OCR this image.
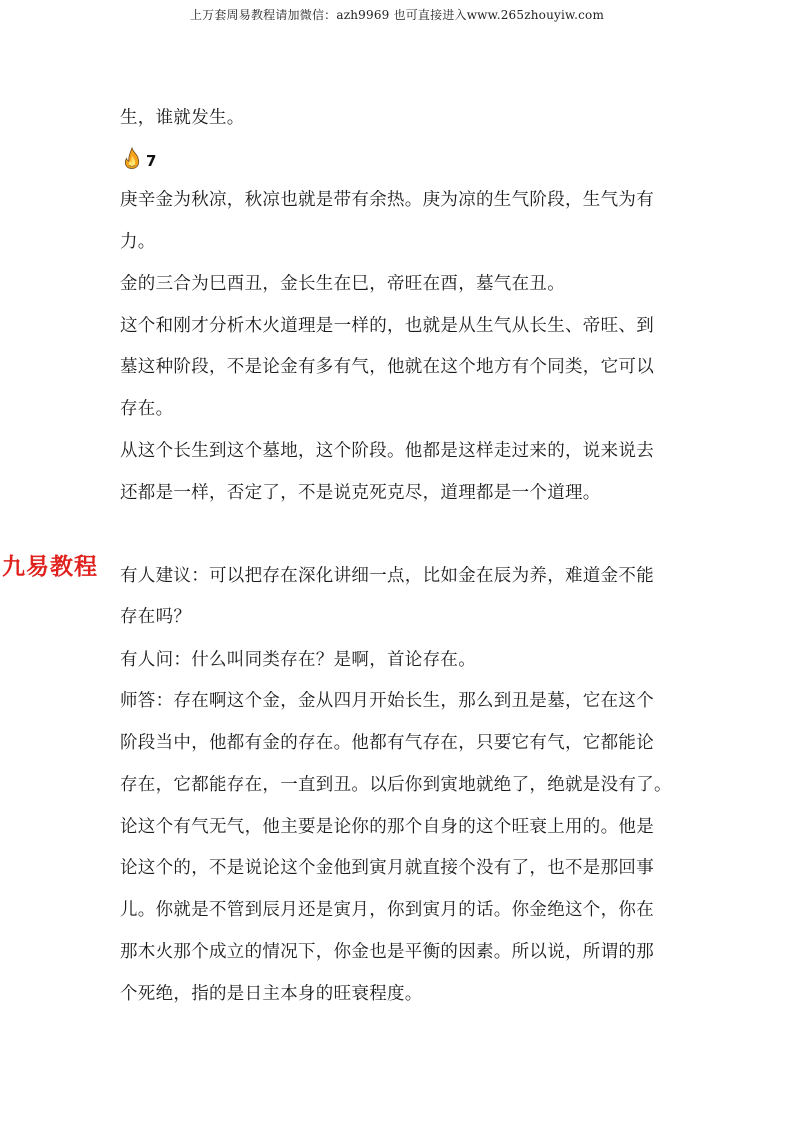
上万套周易教程请加微信：azh9969 也可直接进入www.265zhouyiw.com
生，谁就发生。
庚辛金为秋凉，秋凉也就是带有余热。庚为凉的生气阶段，生气为有
力。
金的三合为巳酉丑，金长生在巳，帝旺在酉，墓气在丑。
这个和刚才分析木火道理是一样的，也就是从生气从长生、帝旺、到
墓这种阶段，不是论金有多有气，他就在这个地方有个同类，它可以
存在。
从这个长生到这个墓地，这个阶段。他都是这样走过来的，说来说去
还都是一样，否定了，不是说克死克尽，道理都是一个道理。
有人建议：可以把存在深化讲细一点，比如金在辰为养，难道金不能
存在吗？
有人问：什么叫同类存在？是啊，首论存在。
师答：存在啊这个金，金从四月开始长生，那么到丑是墓，它在这个
阶段当中，他都有金的存在。他都有气存在，只要它有气，它都能论
存在，它都能存在，一直到丑。以后你到寅地就绝了，绝就是没有了。
论这个有气无气，他主要是论你的那个自身的这个旺衰上用的。他是
论这个的，不是说论这个金他到寅月就直接个没有了，也不是那回事
儿。你就是不管到辰月还是寅月，你到寅月的话。你金绝这个，你在
那木火那个成立的情况下，你金也是平衡的因素。所以说，所谓的那
个死绝，指的是日主本身的旺衰程度。
7
九易教程
